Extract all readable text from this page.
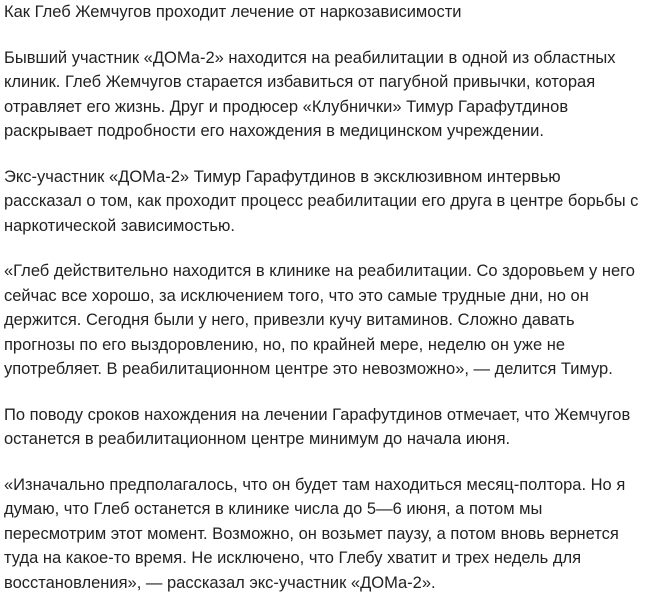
Как Глеб Жемчугов проходит лечение от наркозависимости

Бывший участник «ДОМа-2» находится на реабилитации в одной из областных
клиник. Глеб Жемчугов старается избавиться от пагубной привычки, которая
отравляет его жизнь. Друг и продюсер «Клубнички» Тимур Гарафутдинов
раскрывает подробности его нахождения в медицинском учреждении.

Экс-участник «ДОМа-2» Тимур Гарафутдинов в эксклюзивном интервью
рассказал о том, как проходит процесс реабилитации его друга в центре борьбы с
наркотической зависимостью.

«Глеб действительно находится в клинике на реабилитации. Со здоровьем у него
сейчас все хорошо, за исключением того, что это самые трудные дни, но он
держится. Сегодня были у него, привезли кучу витаминов. Сложно давать
прогнозы по его выздоровлению, но, по крайней мере, неделю он уже не
употребляет. В реабилитационном центре это невозможно», — делится Тимур.

По поводу сроков нахождения на лечении Гарафутдинов отмечает, что Жемчугов
останется в реабилитационном центре минимум до начала июня.

«Изначально предполагалось, что он будет там находиться месяц-полтора. Но я
думаю, что Глеб останется в клинике числа до 5—6 июня, а потом мы
пересмотрим этот момент. Возможно, он возьмет паузу, а потом вновь вернется
туда на какое-то время. Не исключено, что Глебу хватит и трех недель для
восстановления», — рассказал экс-участник «ДОМа-2».
